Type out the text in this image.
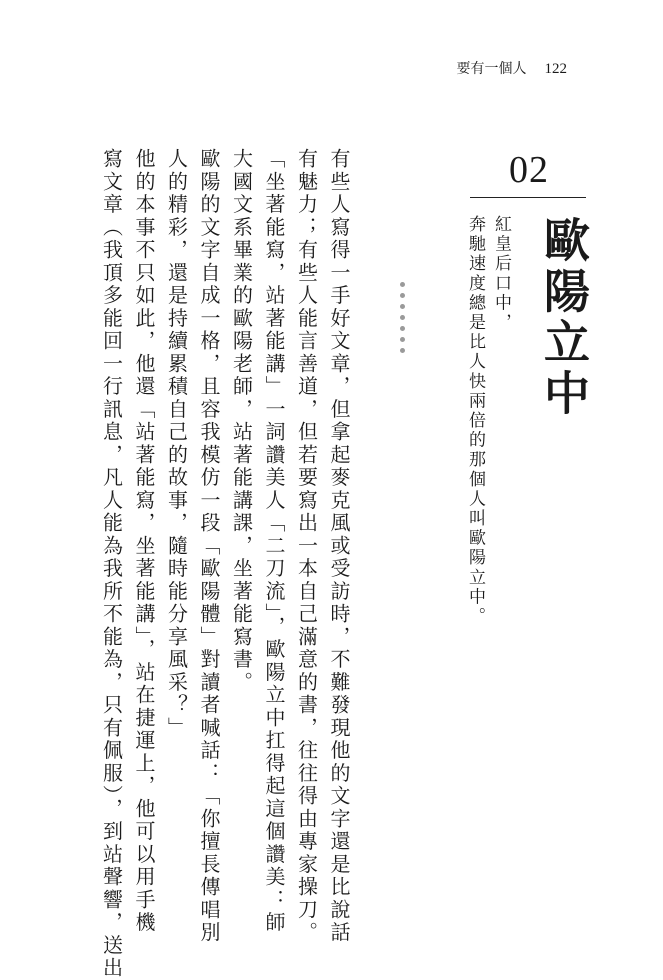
要有一個人 122
02
歐陽立中
紅皇后口中，
奔馳速度總是比人快兩倍的那個人叫歐陽立中。
有些人寫得一手好文章，但拿起麥克風或受訪時，不難發現他的文字還是比說話
有魅力；有些人能言善道，但若要寫出一本自己滿意的書，往往得由專家操刀。
「坐著能寫，站著能講」一詞讚美人「二刀流」，歐陽立中扛得起這個讚美：師
大國文系畢業的歐陽老師，站著能講課，坐著能寫書。
歐陽的文字自成一格，且容我模仿一段「歐陽體」對讀者喊話：「你擅長傳唱別
人的精彩，還是持續累積自己的故事，隨時能分享風采？」
他的本事不只如此，他還「站著能寫，坐著能講」，站在捷運上，他可以用手機
寫文章（我頂多能回一行訊息，凡人能為我所不能為，只有佩服），到站聲響，送出
